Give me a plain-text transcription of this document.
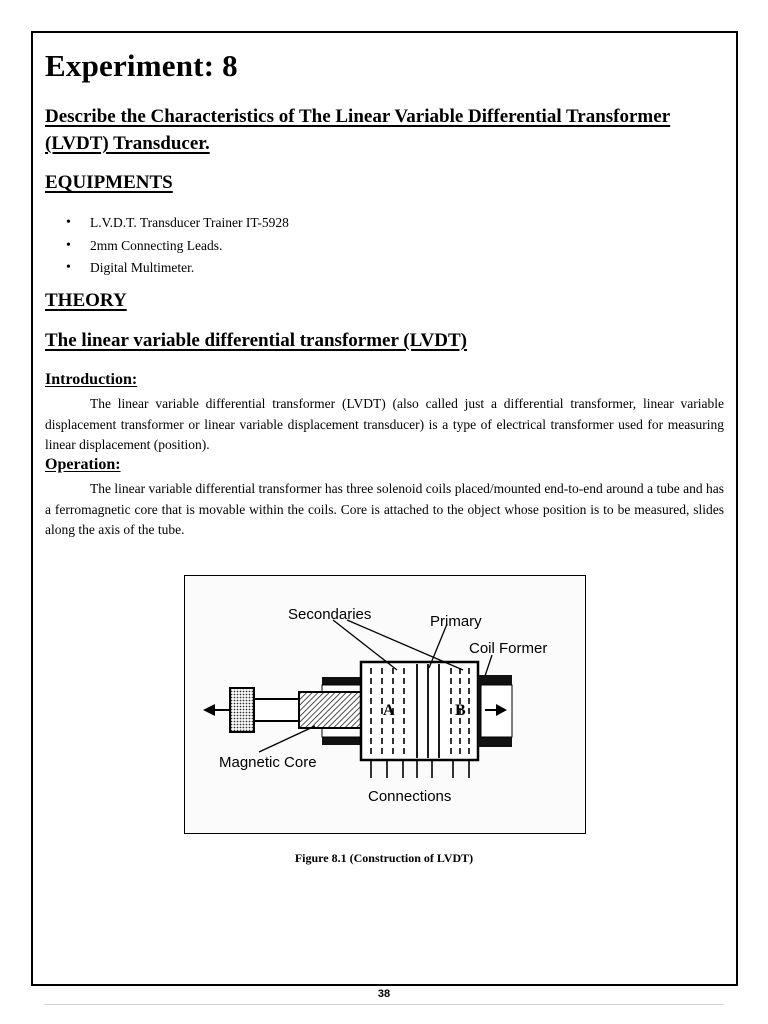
Experiment: 8
Describe the Characteristics of The Linear Variable Differential Transformer
(LVDT) Transducer.
EQUIPMENTS
• L.V.D.T. Transducer Trainer IT-5928
• 2mm Connecting Leads.
• Digital Multimeter.
THEORY
The linear variable differential transformer (LVDT)
Introduction:

The linear variable differential transformer (LVDT) (also called just a differential transformer, linear variable displacement transformer or linear variable displacement transducer) is a type of electrical transformer used for measuring linear displacement (position).

Operation:

The linear variable differential transformer has three solenoid coils placed/mounted end-to-end around a tube and has a ferromagnetic core that is movable within the coils. Core is attached to the object whose position is to be measured, slides along the axis of the tube.

Secondaries	Primary
Coil Former
Magnetic Core
Connections
A	B
Figure 8.1 (Construction of LVDT)
38
